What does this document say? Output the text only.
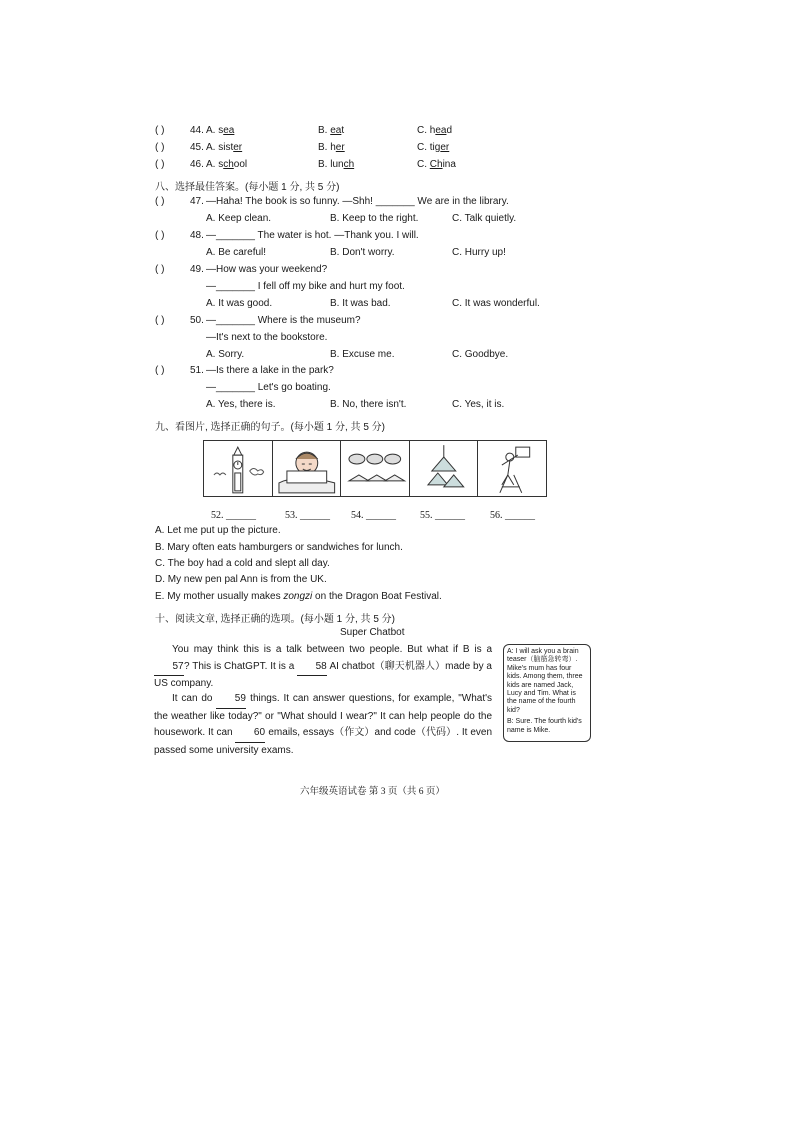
( )	44. A. sea	B. eat	C. head
( )	45. A. sister	B. her	C. tiger
( )	46. A. school	B. lunch	C. China
八、选择最佳答案。(每小题 1 分, 共 5 分)
( )	47. —Haha! The book is so funny. —Shh! _______ We are in the library.
A. Keep clean.	B. Keep to the right.	C. Talk quietly.
( )	48. —_______ The water is hot. —Thank you. I will.
A. Be careful!	B. Don't worry.	C. Hurry up!
( )	49. —How was your weekend?
—_______ I fell off my bike and hurt my foot.
A. It was good.	B. It was bad.	C. It was wonderful.
( )	50. —_______ Where is the museum?
—It's next to the bookstore.
A. Sorry.	B. Excuse me.	C. Goodbye.
( )	51. —Is there a lake in the park?
—_______ Let's go boating.
A. Yes, there is.	B. No, there isn't.	C. Yes, it is.
九、看图片, 选择正确的句子。(每小题 1 分, 共 5 分)
52. ______	53. ______ 54. ______ 55. ______	56. ______
A. Let me put up the picture.
B. Mary often eats hamburgers or sandwiches for lunch.
C. The boy had a cold and slept all day.
D. My new pen pal Ann is from the UK.
E. My mother usually makes zongzi on the Dragon Boat Festival.
十、阅读文章, 选择正确的选项。(每小题 1 分, 共 5 分)
Super Chatbot
You may think this is a talk between two people. But what if B is a 57? This is ChatGPT. It is a 58 AI chatbot（聊天机器人）made by a US company.
It can do 59 things. It can answer questions, for example, "What's the weather like today?" or "What should I wear?" It can help people do the housework. It can 60 emails, essays（作文）and code（代码）. It even passed some university exams.

A: I will ask you a brain teaser（脑筋急转弯）. Mike's mum has four kids. Among them, three kids are named Jack, Lucy and Tim. What is the name of the fourth kid?

B: Sure. The fourth kid's name is Mike.

六年级英语试卷 第 3 页（共 6 页）
